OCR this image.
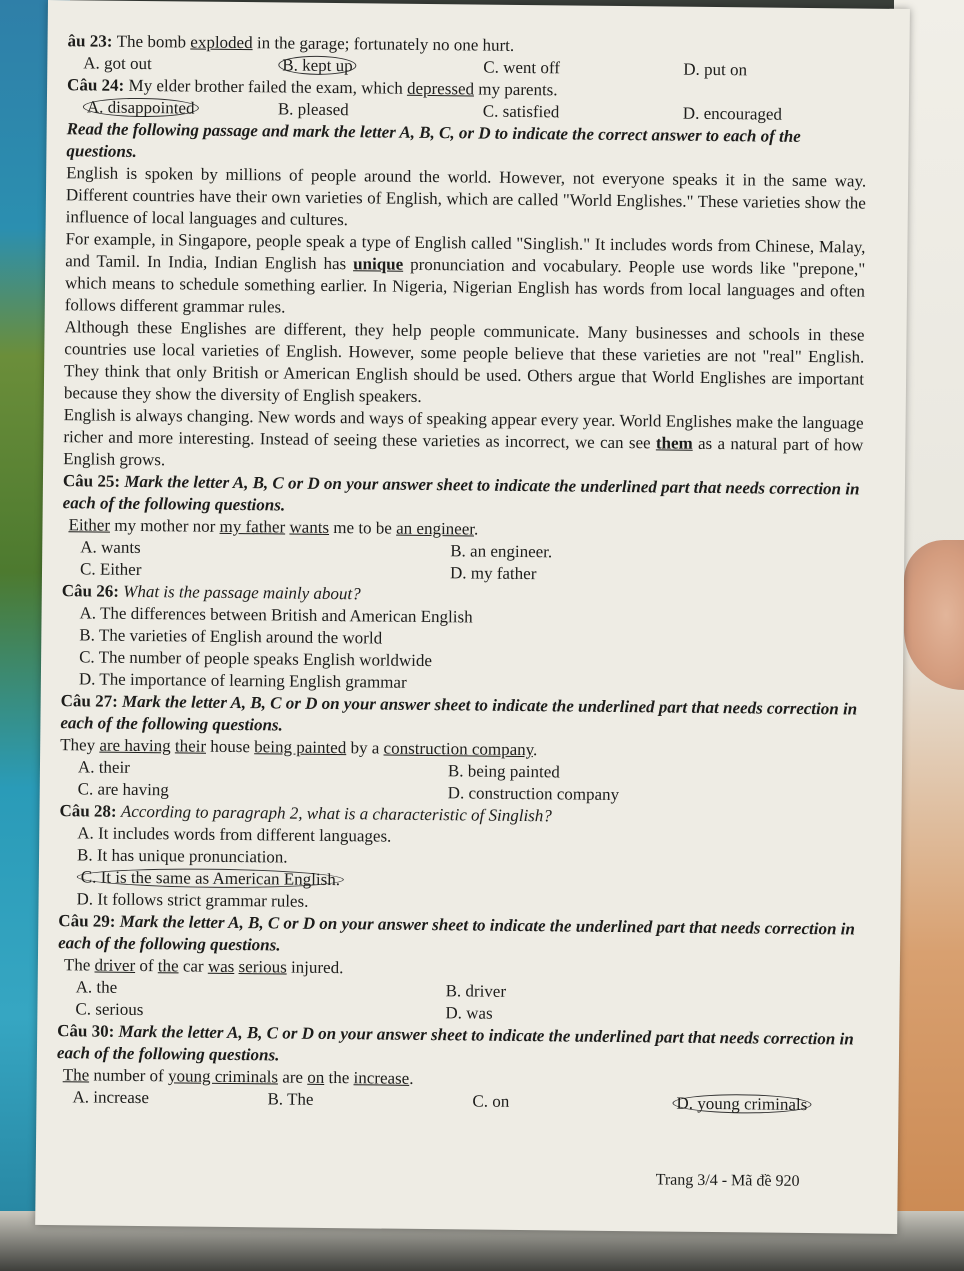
âu 23: The bomb exploded in the garage; fortunately no one hurt.

A. got out	B. kept up	C. went off	D. put on

Câu 24: My elder brother failed the exam, which depressed my parents.

A. disappointed	B. pleased	C. satisfied	D. encouraged

Read the following passage and mark the letter A, B, C, or D to indicate the correct answer to each of the questions.

English is spoken by millions of people around the world. However, not everyone speaks it in the same way. Different countries have their own varieties of English, which are called "World Englishes." These varieties show the influence of local languages and cultures.

For example, in Singapore, people speak a type of English called "Singlish." It includes words from Chinese, Malay, and Tamil. In India, Indian English has unique pronunciation and vocabulary. People use words like "prepone," which means to schedule something earlier. In Nigeria, Nigerian English has words from local languages and often follows different grammar rules.

Although these Englishes are different, they help people communicate. Many businesses and schools in these countries use local varieties of English. However, some people believe that these varieties are not "real" English. They think that only British or American English should be used. Others argue that World Englishes are important because they show the diversity of English speakers.

English is always changing. New words and ways of speaking appear every year. World Englishes make the language richer and more interesting. Instead of seeing these varieties as incorrect, we can see them as a natural part of how English grows.

Câu 25: Mark the letter A, B, C or D on your answer sheet to indicate the underlined part that needs correction in each of the following questions.

Either my mother nor my father wants me to be an engineer.

A. wants	B. an engineer.
C. Either	D. my father

Câu 26: What is the passage mainly about?

A. The differences between British and American English
B. The varieties of English around the world
C. The number of people speaks English worldwide
D. The importance of learning English grammar

Câu 27: Mark the letter A, B, C or D on your answer sheet to indicate the underlined part that needs correction in each of the following questions.

They are having their house being painted by a construction company.

A. their	B. being painted
C. are having	D. construction company

Câu 28: According to paragraph 2, what is a characteristic of Singlish?

A. It includes words from different languages.
B. It has unique pronunciation.
C. It is the same as American English.
D. It follows strict grammar rules.

Câu 29: Mark the letter A, B, C or D on your answer sheet to indicate the underlined part that needs correction in each of the following questions.

The driver of the car was serious injured.

A. the	B. driver
C. serious	D. was

Câu 30: Mark the letter A, B, C or D on your answer sheet to indicate the underlined part that needs correction in each of the following questions.

The number of young criminals are on the increase.

A. increase	B. The	C. on	D. young criminals
Trang 3/4 - Mã đề 920
